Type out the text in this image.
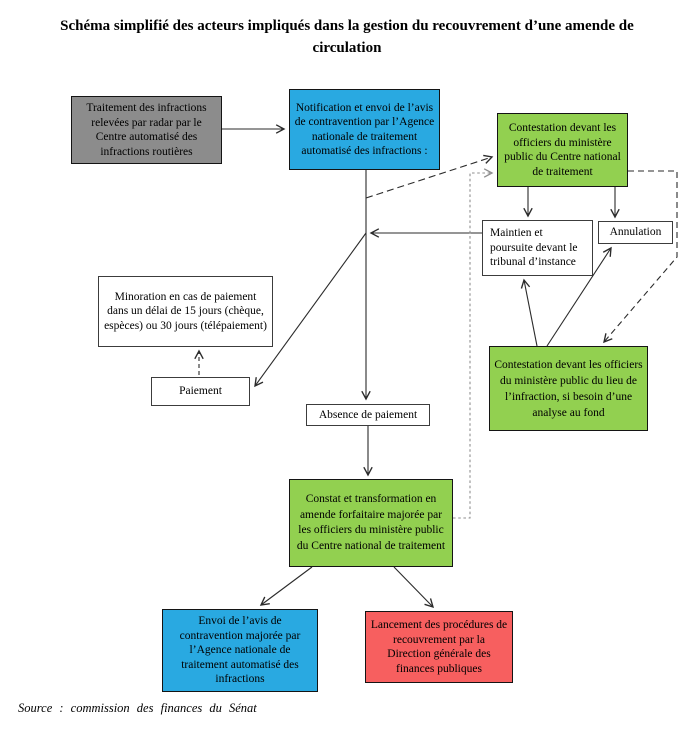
Schéma simplifié des acteurs impliqués dans la gestion du recouvrement d’une amende de circulation
Traitement des infractions relevées par radar par le Centre automatisé des infractions routières
Notification et envoi de l’avis de contravention par l’Agence nationale de traitement automatisé des infractions :
Contestation devant les officiers du ministère public du Centre national de traitement
Maintien et poursuite devant le tribunal d’instance
Annulation
Minoration en cas de paiement dans un délai de 15 jours (chèque, espèces) ou 30 jours (télépaiement)
Paiement
Absence de paiement
Contestation devant les officiers du ministère public du lieu de l’infraction, si besoin d’une analyse au fond
Constat et transformation en amende forfaitaire majorée par les officiers du ministère public du Centre national de traitement
Envoi de l’avis de contravention majorée par l’Agence nationale de traitement automatisé des infractions
Lancement des procédures de recouvrement par la Direction générale des finances publiques
Source : commission des finances du Sénat
